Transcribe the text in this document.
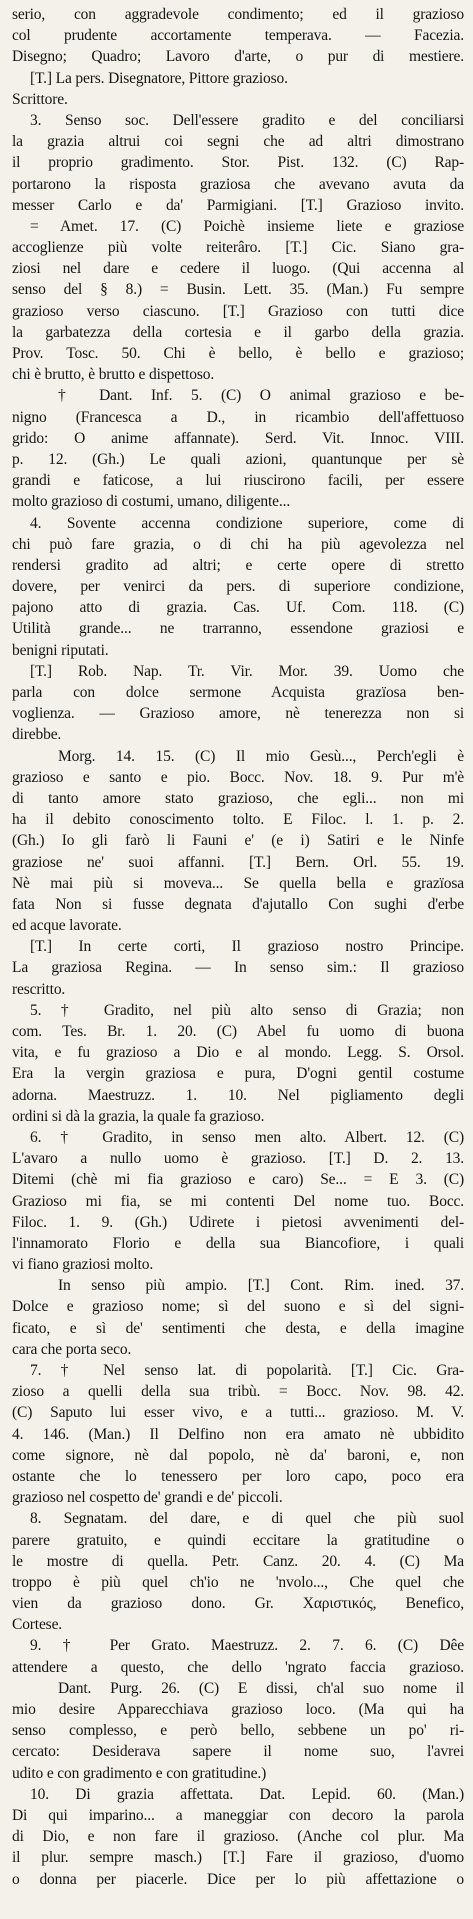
serio, con aggradevole condimento; ed il grazioso
col prudente accortamente temperava. — Facezia.
Disegno; Quadro; Lavoro d'arte, o pur di mestiere.
[T.] La pers. Disegnatore, Pittore grazioso.
Scrittore.
3. Senso soc. Dell'essere gradito e del conciliarsi
la grazia altrui coi segni che ad altri dimostrano
il proprio gradimento. Stor. Pist. 132. (C) Rap-
portarono la risposta graziosa che avevano avuta da
messer Carlo e da' Parmigiani. [T.] Grazioso invito.
= Amet. 17. (C) Poichè insieme liete e graziose
accoglienze più volte reiterâro. [T.] Cic. Siano gra-
ziosi nel dare e cedere il luogo. (Qui accenna al
senso del § 8.) = Busin. Lett. 35. (Man.) Fu sempre
grazioso verso ciascuno. [T.] Grazioso con tutti dice
la garbatezza della cortesia e il garbo della grazia.
Prov. Tosc. 50. Chi è bello, è bello e grazioso;
chi è brutto, è brutto e dispettoso.
† Dant. Inf. 5. (C) O animal grazioso e be-
nigno (Francesca a D., in ricambio dell'affettuoso
grido: O anime affannate). Serd. Vit. Innoc. VIII.
p. 12. (Gh.) Le quali azioni, quantunque per sè
grandi e faticose, a lui riuscirono facili, per essere
molto grazioso di costumi, umano, diligente...
4. Sovente accenna condizione superiore, come di
chi può fare grazia, o di chi ha più agevolezza nel
rendersi gradito ad altri; e certe opere di stretto
dovere, per venirci da pers. di superiore condizione,
pajono atto di grazia. Cas. Uf. Com. 118. (C)
Utilità grande... ne trarranno, essendone graziosi e
benigni riputati.
[T.] Rob. Nap. Tr. Vir. Mor. 39. Uomo che
parla con dolce sermone Acquista grazïosa ben-
voglienza. — Grazioso amore, nè tenerezza non si
direbbe.
Morg. 14. 15. (C) Il mio Gesù..., Perch'egli è
grazioso e santo e pio. Bocc. Nov. 18. 9. Pur m'è
di tanto amore stato grazioso, che egli... non mi
ha il debito conoscimento tolto. E Filoc. l. 1. p. 2.
(Gh.) Io gli farò li Fauni e' (e i) Satiri e le Ninfe
graziose ne' suoi affanni. [T.] Bern. Orl. 55. 19.
Nè mai più si moveva... Se quella bella e grazïosa
fata Non si fusse degnata d'ajutallo Con sughi d'erbe
ed acque lavorate.
[T.] In certe corti, Il grazioso nostro Principe.
La graziosa Regina. — In senso sim.: Il grazioso
rescritto.
5. † Gradito, nel più alto senso di Grazia; non
com. Tes. Br. 1. 20. (C) Abel fu uomo di buona
vita, e fu grazioso a Dio e al mondo. Legg. S. Orsol.
Era la vergin graziosa e pura, D'ogni gentil costume
adorna. Maestruzz. 1. 10. Nel pigliamento degli
ordini si dà la grazia, la quale fa grazioso.
6. † Gradito, in senso men alto. Albert. 12. (C)
L'avaro a nullo uomo è grazioso. [T.] D. 2. 13.
Ditemi (chè mi fia grazioso e caro) Se... = E 3. (C)
Grazioso mi fia, se mi contenti Del nome tuo. Bocc.
Filoc. 1. 9. (Gh.) Udirete i pietosi avvenimenti del-
l'innamorato Florio e della sua Biancofiore, i quali
vi fiano graziosi molto.
In senso più ampio. [T.] Cont. Rim. ined. 37.
Dolce e grazioso nome; sì del suono e sì del signi-
ficato, e sì de' sentimenti che desta, e della imagine
cara che porta seco.
7. † Nel senso lat. di popolarità. [T.] Cic. Gra-
zioso a quelli della sua tribù. = Bocc. Nov. 98. 42.
(C) Saputo lui esser vivo, e a tutti... grazioso. M. V.
4. 146. (Man.) Il Delfino non era amato nè ubbidito
come signore, nè dal popolo, nè da' baroni, e, non
ostante che lo tenessero per loro capo, poco era
grazioso nel cospetto de' grandi e de' piccoli.
8. Segnatam. del dare, e di quel che più suol
parere gratuito, e quindi eccitare la gratitudine o
le mostre di quella. Petr. Canz. 20. 4. (C) Ma
troppo è più quel ch'io ne 'nvolo..., Che quel che
vien da grazioso dono. Gr. Χαριστικός, Benefico,
Cortese.
9. † Per Grato. Maestruzz. 2. 7. 6. (C) Dêe
attendere a questo, che dello 'ngrato faccia grazioso.
Dant. Purg. 26. (C) E dissi, ch'al suo nome il
mio desire Apparecchiava grazioso loco. (Ma qui ha
senso complesso, e però bello, sebbene un po' ri-
cercato: Desiderava sapere il nome suo, l'avrei
udito e con gradimento e con gratitudine.)
10. Di grazia affettata. Dat. Lepid. 60. (Man.)
Di qui imparino... a maneggiar con decoro la parola
di Dio, e non fare il grazioso. (Anche col plur. Ma
il plur. sempre masch.) [T.] Fare il grazioso, d'uomo
o donna per piacerle. Dice per lo più affettazione o
